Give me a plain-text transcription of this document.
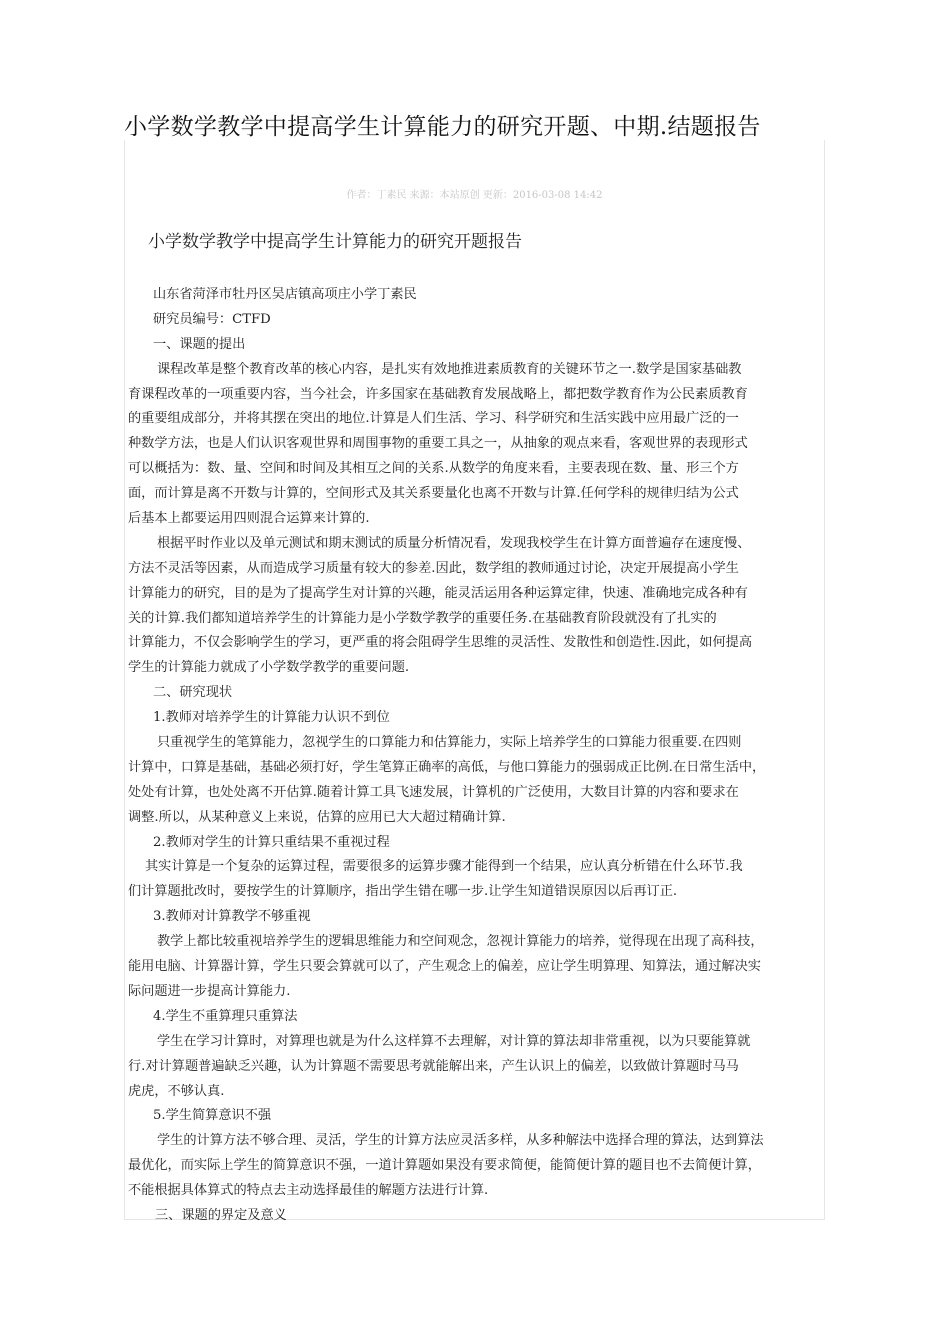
小学数学教学中提高学生计算能力的研究开题、中期.结题报告
作者：丁素民 来源：本站原创 更新：2016-03-08 14:42
小学数学教学中提高学生计算能力的研究开题报告
山东省菏泽市牡丹区吴店镇高项庄小学丁素民
研究员编号：CTFD
一、课题的提出
课程改革是整个教育改革的核心内容，是扎实有效地推进素质教育的关键环节之一.数学是国家基础教
育课程改革的一项重要内容，当今社会，许多国家在基础教育发展战略上，都把数学教育作为公民素质教育
的重要组成部分，并将其摆在突出的地位.计算是人们生活、学习、科学研究和生活实践中应用最广泛的一
种数学方法，也是人们认识客观世界和周围事物的重要工具之一，从抽象的观点来看，客观世界的表现形式
可以概括为：数、量、空间和时间及其相互之间的关系.从数学的角度来看，主要表现在数、量、形三个方
面，而计算是离不开数与计算的，空间形式及其关系要量化也离不开数与计算.任何学科的规律归结为公式
后基本上都要运用四则混合运算来计算的.
根据平时作业以及单元测试和期末测试的质量分析情况看，发现我校学生在计算方面普遍存在速度慢、
方法不灵活等因素，从而造成学习质量有较大的参差.因此，数学组的教师通过讨论，决定开展提高小学生
计算能力的研究，目的是为了提高学生对计算的兴趣，能灵活运用各种运算定律，快速、准确地完成各种有
关的计算.我们都知道培养学生的计算能力是小学数学教学的重要任务.在基础教育阶段就没有了扎实的
计算能力，不仅会影响学生的学习，更严重的将会阻碍学生思维的灵活性、发散性和创造性.因此，如何提高
学生的计算能力就成了小学数学教学的重要问题.
二、研究现状
1.教师对培养学生的计算能力认识不到位
只重视学生的笔算能力，忽视学生的口算能力和估算能力，实际上培养学生的口算能力很重要.在四则
计算中，口算是基础，基础必须打好，学生笔算正确率的高低，与他口算能力的强弱成正比例.在日常生活中，
处处有计算，也处处离不开估算.随着计算工具飞速发展，计算机的广泛使用，大数目计算的内容和要求在
调整.所以，从某种意义上来说，估算的应用已大大超过精确计算.
2.教师对学生的计算只重结果不重视过程
其实计算是一个复杂的运算过程，需要很多的运算步骤才能得到一个结果，应认真分析错在什么环节.我
们计算题批改时，要按学生的计算顺序，指出学生错在哪一步.让学生知道错误原因以后再订正.
3.教师对计算教学不够重视
教学上都比较重视培养学生的逻辑思维能力和空间观念，忽视计算能力的培养，觉得现在出现了高科技，
能用电脑、计算器计算，学生只要会算就可以了，产生观念上的偏差，应让学生明算理、知算法，通过解决实
际问题进一步提高计算能力.
4.学生不重算理只重算法
学生在学习计算时，对算理也就是为什么这样算不去理解，对计算的算法却非常重视，以为只要能算就
行.对计算题普遍缺乏兴趣，认为计算题不需要思考就能解出来，产生认识上的偏差，以致做计算题时马马
虎虎，不够认真.
5.学生简算意识不强
学生的计算方法不够合理、灵活，学生的计算方法应灵活多样，从多种解法中选择合理的算法，达到算法
最优化，而实际上学生的简算意识不强，一道计算题如果没有要求简便，能简便计算的题目也不去简便计算，
不能根据具体算式的特点去主动选择最佳的解题方法进行计算.
三、课题的界定及意义
